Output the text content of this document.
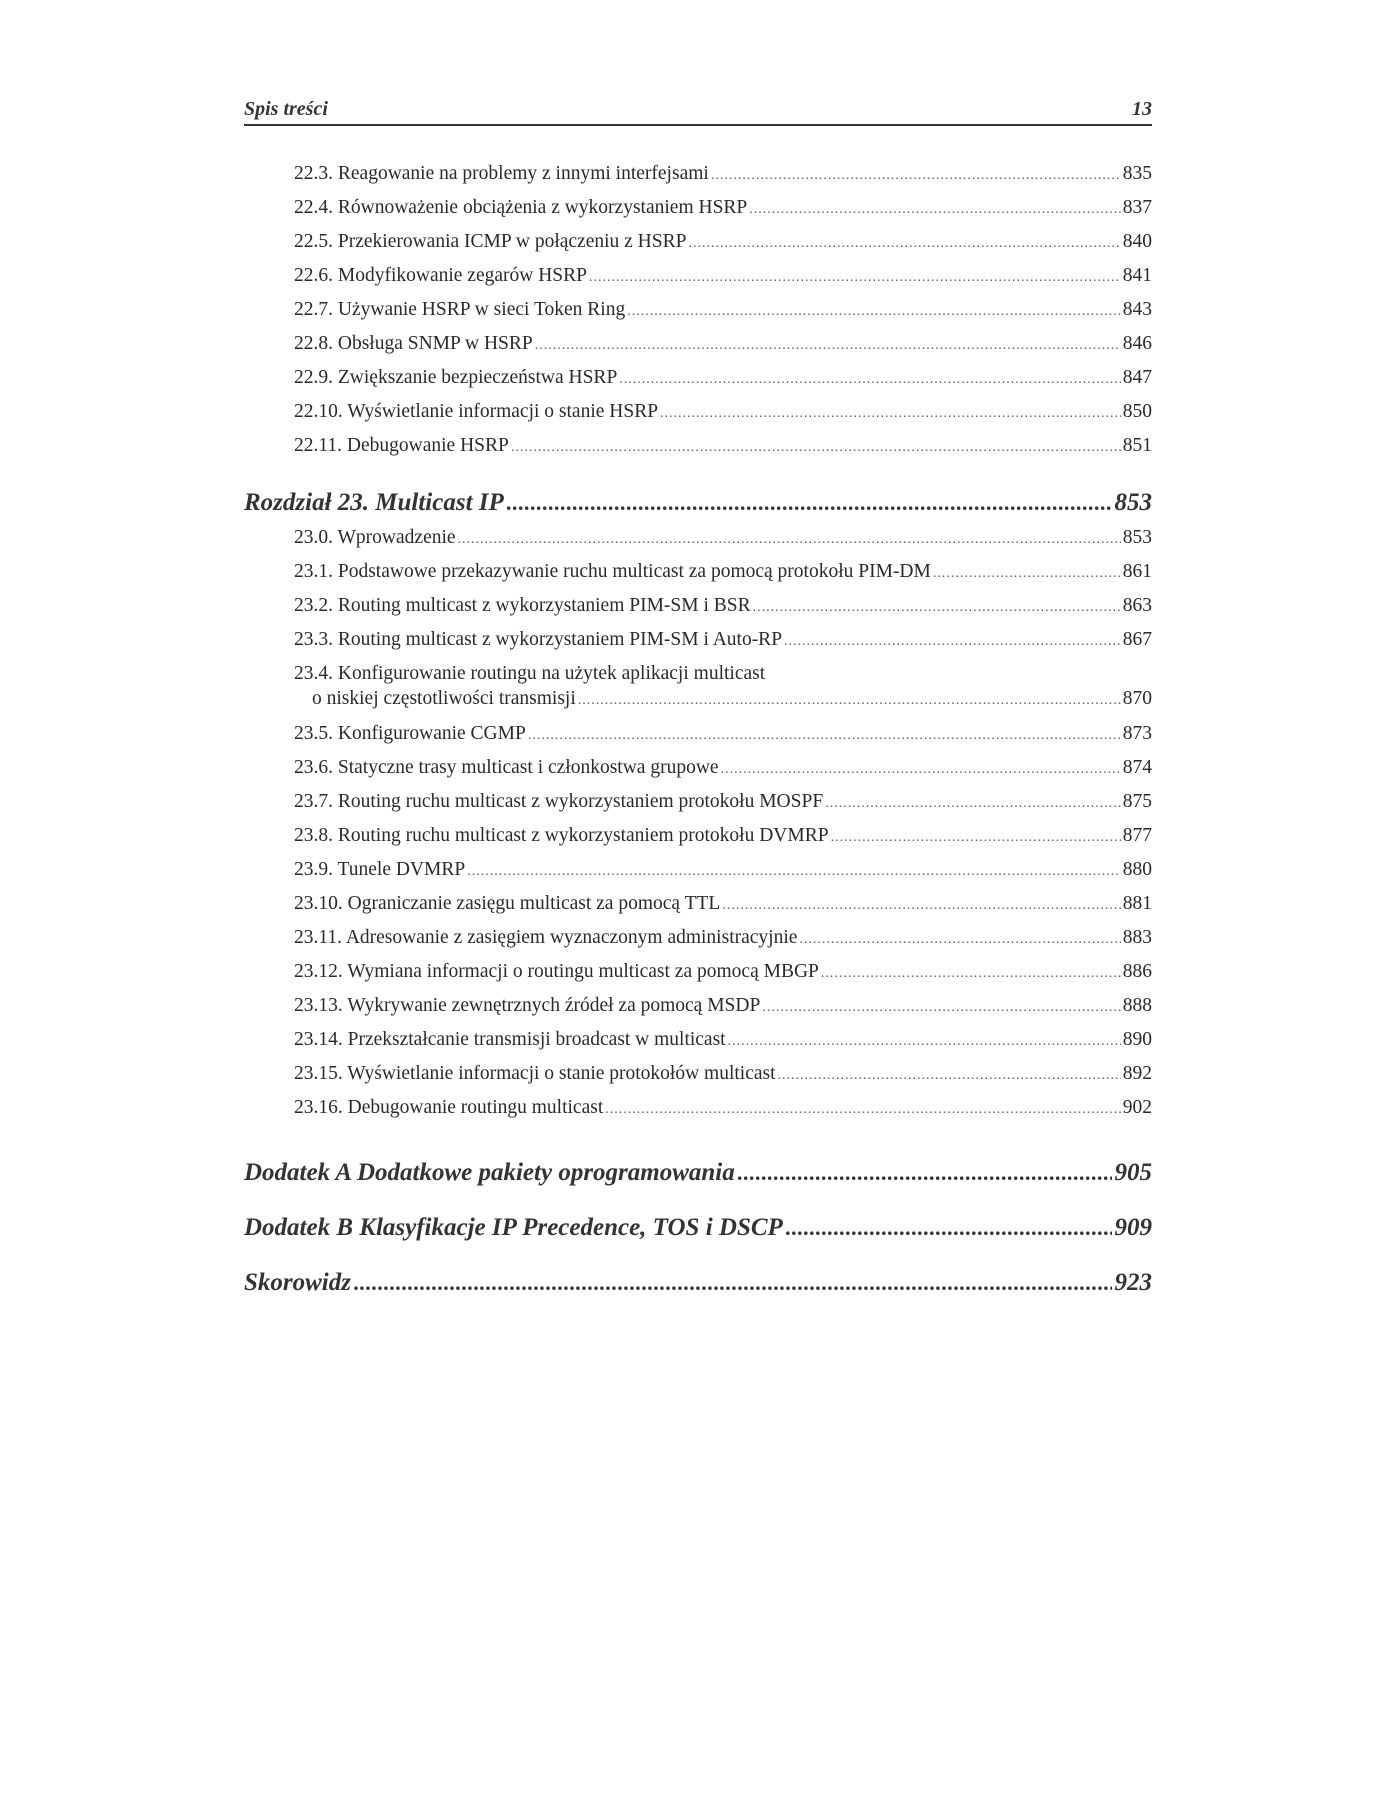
Spis treści	13
22.3. Reagowanie na problemy z innymi interfejsami .....	835
22.4. Równoważenie obciążenia z wykorzystaniem HSRP .....	837
22.5. Przekierowania ICMP w połączeniu z HSRP .....	840
22.6. Modyfikowanie zegarów HSRP .....	841
22.7. Używanie HSRP w sieci Token Ring .....	843
22.8. Obsługa SNMP w HSRP .....	846
22.9. Zwiększanie bezpieczeństwa HSRP .....	847
22.10. Wyświetlanie informacji o stanie HSRP .....	850
22.11. Debugowanie HSRP .....	851
Rozdział 23. Multicast IP .....	853
23.0. Wprowadzenie .....	853
23.1. Podstawowe przekazywanie ruchu multicast za pomocą protokołu PIM-DM .....	861
23.2. Routing multicast z wykorzystaniem PIM-SM i BSR .....	863
23.3. Routing multicast z wykorzystaniem PIM-SM i Auto-RP .....	867
23.4. Konfigurowanie routingu na użytek aplikacji multicast
o niskiej częstotliwości transmisji .....	870
23.5. Konfigurowanie CGMP .....	873
23.6. Statyczne trasy multicast i członkostwa grupowe .....	874
23.7. Routing ruchu multicast z wykorzystaniem protokołu MOSPF .....	875
23.8. Routing ruchu multicast z wykorzystaniem protokołu DVMRP .....	877
23.9. Tunele DVMRP .....	880
23.10. Ograniczanie zasięgu multicast za pomocą TTL .....	881
23.11. Adresowanie z zasięgiem wyznaczonym administracyjnie .....	883
23.12. Wymiana informacji o routingu multicast za pomocą MBGP .....	886
23.13. Wykrywanie zewnętrznych źródeł za pomocą MSDP .....	888
23.14. Przekształcanie transmisji broadcast w multicast .....	890
23.15. Wyświetlanie informacji o stanie protokołów multicast .....	892
23.16. Debugowanie routingu multicast .....	902
Dodatek A Dodatkowe pakiety oprogramowania .....	905
Dodatek B Klasyfikacje IP Precedence, TOS i DSCP .....	909
Skorowidz .....	923
